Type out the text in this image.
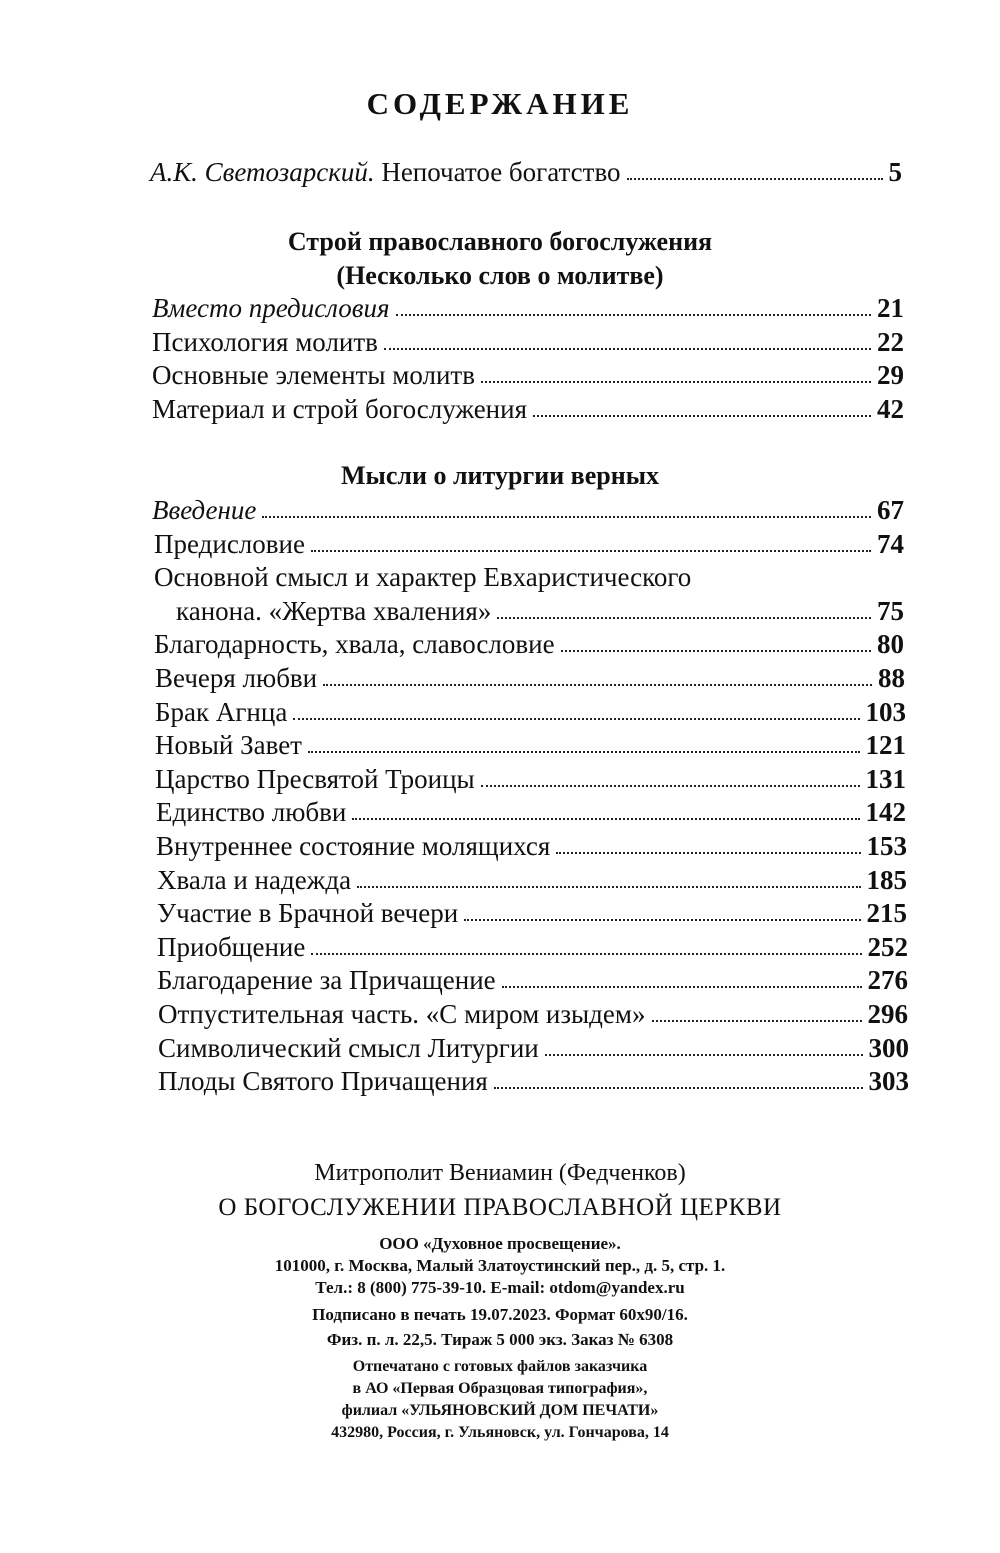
СОДЕРЖАНИЕ
А.К. Светозарский. Непочатое богатство	5
Строй православного богослужения
(Несколько слов о молитве)
Вместо предисловия	21
Психология молитв	22
Основные элементы молитв	29
Материал и строй богослужения	42
Мысли о литургии верных
Введение	67
Предисловие	74
Основной смысл и характер Евхаристического
канона. «Жертва хваления»	75
Благодарность, хвала, славословие	80
Вечеря любви	88
Брак Агнца	103
Новый Завет	121
Царство Пресвятой Троицы	131
Единство любви	142
Внутреннее состояние молящихся	153
Хвала и надежда	185
Участие в Брачной вечери	215
Приобщение	252
Благодарение за Причащение	276
Отпустительная часть. «С миром изыдем»	296
Символический смысл Литургии	300
Плоды Святого Причащения	303
Митрополит Вениамин (Федченков)
О БОГОСЛУЖЕНИИ ПРАВОСЛАВНОЙ ЦЕРКВИ
ООО «Духовное просвещение».
101000, г. Москва, Малый Златоустинский пер., д. 5, стр. 1.
Тел.: 8 (800) 775-39-10. E-mail: otdom@yandex.ru
Подписано в печать 19.07.2023. Формат 60x90/16.
Физ. п. л. 22,5. Тираж 5 000 экз. Заказ № 6308
Отпечатано с готовых файлов заказчика
в АО «Первая Образцовая типография»,
филиал «УЛЬЯНОВСКИЙ ДОМ ПЕЧАТИ»
432980, Россия, г. Ульяновск, ул. Гончарова, 14
